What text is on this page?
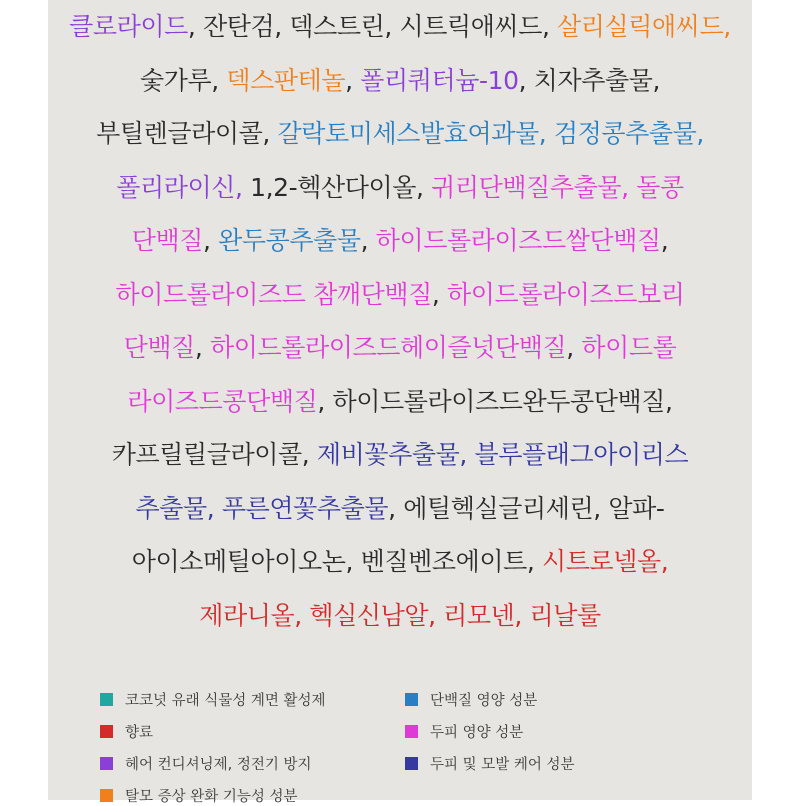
클로라이드, 잔탄검, 덱스트린, 시트릭애씨드, 살리실릭애씨드,
숯가루, 덱스판테놀, 폴리쿼터늄-10, 치자추출물,
부틸렌글라이콜, 갈락토미세스발효여과물, 검정콩추출물,
폴리라이신, 1,2-헥산다이올, 귀리단백질추출물, 돌콩
단백질, 완두콩추출물, 하이드롤라이즈드쌀단백질,
하이드롤라이즈드 참깨단백질, 하이드롤라이즈드보리
단백질, 하이드롤라이즈드헤이즐넛단백질, 하이드롤
라이즈드콩단백질, 하이드롤라이즈드완두콩단백질,
카프릴릴글라이콜, 제비꽃추출물, 블루플래그아이리스
추출물, 푸른연꽃추출물, 에틸헥실글리세린, 알파-
아이소메틸아이오논, 벤질벤조에이트, 시트로넬올,
제라니올, 헥실신남알, 리모넨, 리날룰
코코넛 유래 식물성 계면 활성제	단백질 영양 성분
향료	두피 영양 성분
헤어 컨디셔닝제, 정전기 방지	두피 및 모발 케어 성분
탈모 증상 완화 기능성 성분
